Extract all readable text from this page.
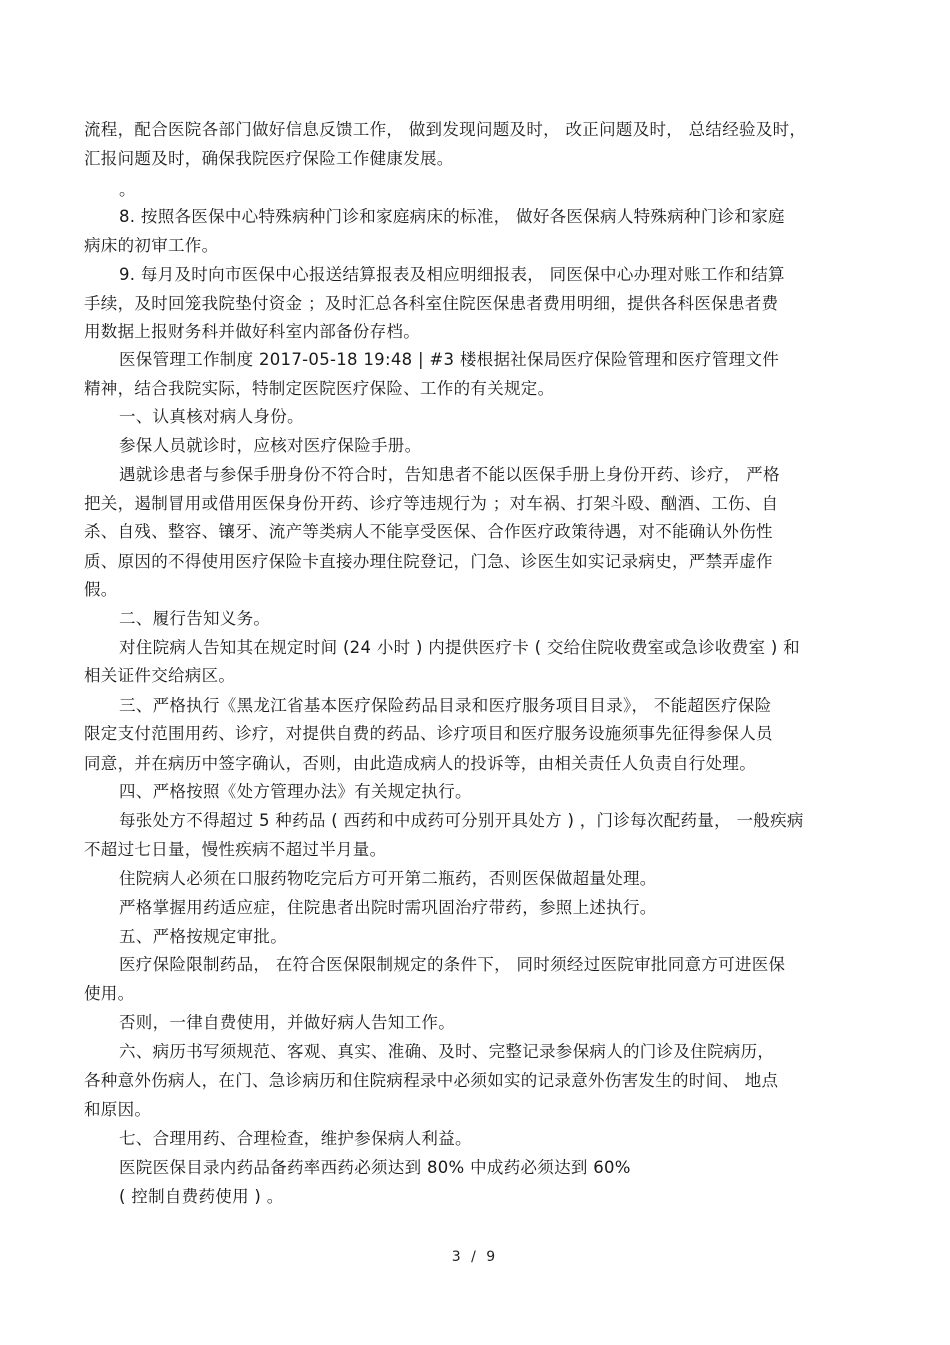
流程，配合医院各部门做好信息反馈工作， 做到发现问题及时， 改正问题及时， 总结经验及时，
汇报问题及时，确保我院医疗保险工作健康发展。
。
8. 按照各医保中心特殊病种门诊和家庭病床的标准， 做好各医保病人特殊病种门诊和家庭
病床的初审工作。
9. 每月及时向市医保中心报送结算报表及相应明细报表， 同医保中心办理对账工作和结算
手续，及时回笼我院垫付资金 ；及时汇总各科室住院医保患者费用明细，提供各科医保患者费
用数据上报财务科并做好科室内部备份存档。
医保管理工作制度 2017-05-18 19:48 | #3 楼根据社保局医疗保险管理和医疗管理文件
精神，结合我院实际，特制定医院医疗保险、工作的有关规定。
一、认真核对病人身份。
参保人员就诊时，应核对医疗保险手册。
遇就诊患者与参保手册身份不符合时，告知患者不能以医保手册上身份开药、诊疗， 严格
把关，遏制冒用或借用医保身份开药、诊疗等违规行为 ；对车祸、打架斗殴、酗酒、工伤、自
杀、自残、整容、镶牙、流产等类病人不能享受医保、合作医疗政策待遇，对不能确认外伤性
质、原因的不得使用医疗保险卡直接办理住院登记，门急、诊医生如实记录病史，严禁弄虚作
假。
二、履行告知义务。
对住院病人告知其在规定时间 (24 小时 ) 内提供医疗卡 ( 交给住院收费室或急诊收费室 ) 和
相关证件交给病区。
三、严格执行《黑龙江省基本医疗保险药品目录和医疗服务项目目录》， 不能超医疗保险
限定支付范围用药、诊疗，对提供自费的药品、诊疗项目和医疗服务设施须事先征得参保人员
同意，并在病历中签字确认，否则，由此造成病人的投诉等，由相关责任人负责自行处理。
四、严格按照《处方管理办法》有关规定执行。
每张处方不得超过 5 种药品 ( 西药和中成药可分别开具处方 ) ，门诊每次配药量， 一般疾病
不超过七日量，慢性疾病不超过半月量。
住院病人必须在口服药物吃完后方可开第二瓶药，否则医保做超量处理。
严格掌握用药适应症，住院患者出院时需巩固治疗带药，参照上述执行。
五、严格按规定审批。
医疗保险限制药品， 在符合医保限制规定的条件下， 同时须经过医院审批同意方可进医保
使用。
否则，一律自费使用，并做好病人告知工作。
六、病历书写须规范、客观、真实、准确、及时、完整记录参保病人的门诊及住院病历，
各种意外伤病人，在门、急诊病历和住院病程录中必须如实的记录意外伤害发生的时间、 地点
和原因。
七、合理用药、合理检查，维护参保病人利益。
医院医保目录内药品备药率西药必须达到 80% 中成药必须达到 60%
( 控制自费药使用 ) 。
3 / 9
